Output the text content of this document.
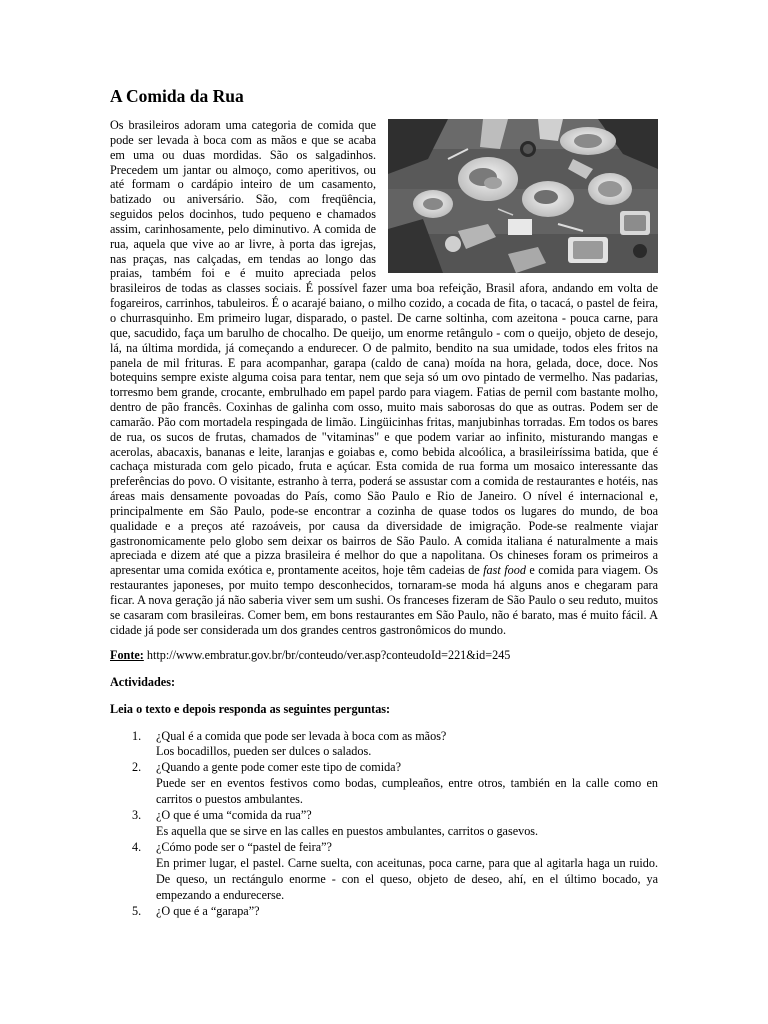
A Comida da Rua
Os brasileiros adoram uma categoria de comida que pode ser levada à boca com as mãos e que se acaba em uma ou duas mordidas. São os salgadinhos. Precedem um jantar ou almoço, como aperitivos, ou até formam o cardápio inteiro de um casamento, batizado ou aniversário. São, com freqüência, seguidos pelos docinhos, tudo pequeno e chamados assim, carinhosamente, pelo diminutivo. A comida de rua, aquela que vive ao ar livre, à porta das igrejas, nas praças, nas calçadas, em tendas ao longo das praias, também foi e é muito apreciada pelos brasileiros de todas as classes sociais. É possível fazer uma boa refeição, Brasil afora, andando em volta de fogareiros, carrinhos, tabuleiros. É o acarajé baiano, o milho cozido, a cocada de fita, o tacacá, o pastel de feira, o churrasquinho. Em primeiro lugar, disparado, o pastel. De carne soltinha, com azeitona - pouca carne, para que, sacudido, faça um barulho de chocalho. De queijo, um enorme retângulo - com o queijo, objeto de desejo, lá, na última mordida, já começando a endurecer. O de palmito, bendito na sua umidade, todos eles fritos na panela de mil frituras. E para acompanhar, garapa (caldo de cana) moída na hora, gelada, doce, doce. Nos botequins sempre existe alguma coisa para tentar, nem que seja só um ovo pintado de vermelho. Nas padarias, torresmo bem grande, crocante, embrulhado em papel pardo para viagem. Fatias de pernil com bastante molho, dentro de pão francês. Coxinhas de galinha com osso, muito mais saborosas do que as outras. Podem ser de camarão. Pão com mortadela respingada de limão. Lingüicinhas fritas, manjubinhas torradas. Em todos os bares de rua, os sucos de frutas, chamados de "vitaminas" e que podem variar ao infinito, misturando mangas e acerolas, abacaxis, bananas e leite, laranjas e goiabas e, como bebida alcoólica, a brasileiríssima batida, que é cachaça misturada com gelo picado, fruta e açúcar. Esta comida de rua forma um mosaico interessante das preferências do povo. O visitante, estranho à terra, poderá se assustar com a comida de restaurantes e hotéis, nas áreas mais densamente povoadas do País, como São Paulo e Rio de Janeiro. O nível é internacional e, principalmente em São Paulo, pode-se encontrar a cozinha de quase todos os lugares do mundo, de boa qualidade e a preços até razoáveis, por causa da diversidade de imigração. Pode-se realmente viajar gastronomicamente pelo globo sem deixar os bairros de São Paulo. A comida italiana é naturalmente a mais apreciada e dizem até que a pizza brasileira é melhor do que a napolitana. Os chineses foram os primeiros a apresentar uma comida exótica e, prontamente aceitos, hoje têm cadeias de fast food e comida para viagem. Os restaurantes japoneses, por muito tempo desconhecidos, tornaram-se moda há alguns anos e chegaram para ficar. A nova geração já não saberia viver sem um sushi. Os franceses fizeram de São Paulo o seu reduto, muitos se casaram com brasileiras. Comer bem, em bons restaurantes em São Paulo, não é barato, mas é muito fácil. A cidade já pode ser considerada um dos grandes centros gastronômicos do mundo.
Fonte: http://www.embratur.gov.br/br/conteudo/ver.asp?conteudoId=221&id=245
Actividades:
Leia o texto e depois responda as seguintes perguntas:
1. ¿Qual é a comida que pode ser levada à boca com as mãos?
Los bocadillos, pueden ser dulces o salados.
2. ¿Quando a gente pode comer este tipo de comida?
Puede ser en eventos festivos como bodas, cumpleaños, entre otros, también en la calle como en carritos o puestos ambulantes.
3. ¿O que é uma “comida da rua”?
Es aquella que se sirve en las calles en puestos ambulantes, carritos o gasevos.
4. ¿Cómo pode ser o “pastel de feira”?
En primer lugar, el pastel. Carne suelta, con aceitunas, poca carne, para que al agitarla haga un ruido. De queso, un rectángulo enorme - con el queso, objeto de deseo, ahí, en el último bocado, ya empezando a endurecerse.
5. ¿O que é a “garapa”?
